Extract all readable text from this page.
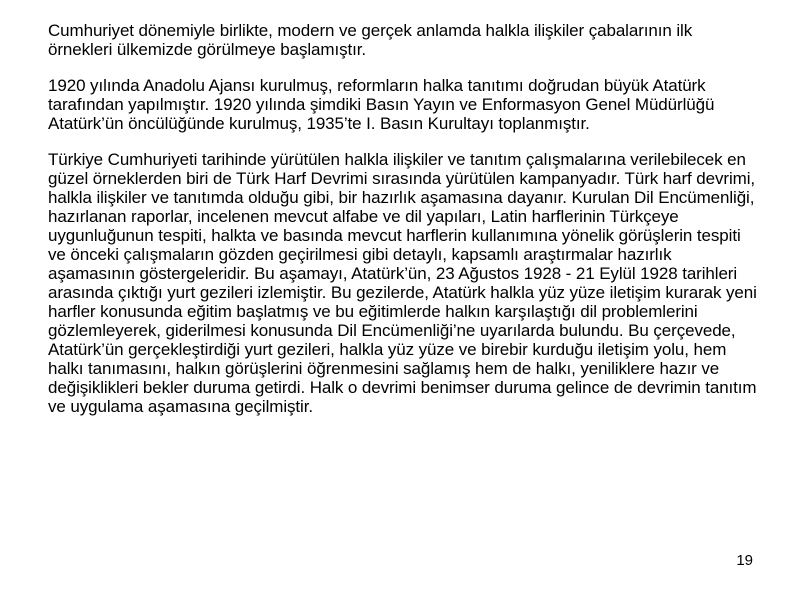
Cumhuriyet dönemiyle birlikte, modern ve gerçek anlamda halkla ilişkiler çabalarının ilk örnekleri ülkemizde görülmeye başlamıştır.

1920 yılında Anadolu Ajansı kurulmuş, reformların halka tanıtımı doğrudan büyük Atatürk tarafından yapılmıştır. 1920 yılında şimdiki Basın Yayın ve Enformasyon Genel Müdürlüğü Atatürk’ün öncülüğünde kurulmuş, 1935’te I. Basın Kurultayı toplanmıştır.

Türkiye Cumhuriyeti tarihinde yürütülen halkla ilişkiler ve tanıtım çalışmalarına verilebilecek en güzel örneklerden biri de Türk Harf Devrimi sırasında yürütülen kampanyadır. Türk harf devrimi, halkla ilişkiler ve tanıtımda olduğu gibi, bir hazırlık aşamasına dayanır. Kurulan Dil Encümenliği, hazırlanan raporlar, incelenen mevcut alfabe ve dil yapıları, Latin harflerinin Türkçeye uygunluğunun tespiti, halkta ve basında mevcut harflerin kullanımına yönelik görüşlerin tespiti ve önceki çalışmaların gözden geçirilmesi gibi detaylı, kapsamlı araştırmalar hazırlık aşamasının göstergeleridir. Bu aşamayı, Atatürk’ün, 23 Ağustos 1928 - 21 Eylül 1928 tarihleri arasında çıktığı yurt gezileri izlemiştir. Bu gezilerde, Atatürk halkla yüz yüze iletişim kurarak yeni harfler konusunda eğitim başlatmış ve bu eğitimlerde halkın karşılaştığı dil problemlerini gözlemleyerek, giderilmesi konusunda Dil Encümenliği’ne uyarılarda bulundu. Bu çerçevede, Atatürk’ün gerçekleştirdiği yurt gezileri, halkla yüz yüze ve birebir kurduğu iletişim yolu, hem halkı tanımasını, halkın görüşlerini öğrenmesini sağlamış hem de halkı, yeniliklere hazır ve değişiklikleri bekler duruma getirdi. Halk o devrimi benimser duruma gelince de devrimin tanıtım ve uygulama aşamasına geçilmiştir.

19
